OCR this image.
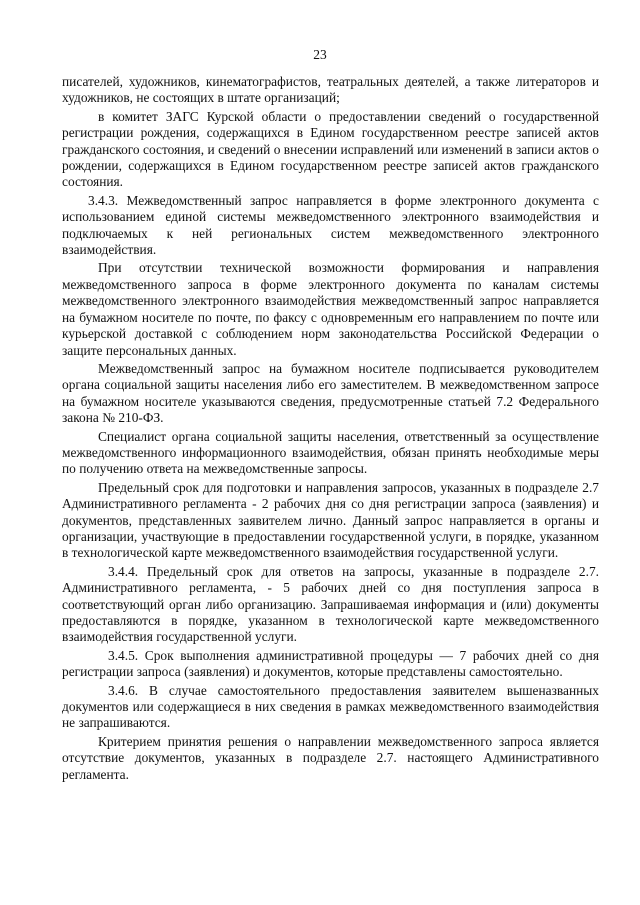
23

писателей, художников, кинематографистов, театральных деятелей, а также литераторов и художников, не состоящих в штате организаций;

в комитет ЗАГС Курской области о предоставлении сведений о государственной регистрации рождения, содержащихся в Едином государственном реестре записей актов гражданского состояния, и сведений о внесении исправлений или изменений в записи актов о рождении, содержащихся в Едином государственном реестре записей актов гражданского состояния.

3.4.3. Межведомственный запрос направляется в форме электронного документа с использованием единой системы межведомственного электронного взаимодействия и подключаемых к ней региональных систем межведомственного электронного взаимодействия.

При отсутствии технической возможности формирования и направления межведомственного запроса в форме электронного документа по каналам системы межведомственного электронного взаимодействия межведомственный запрос направляется на бумажном носителе по почте, по факсу с одновременным его направлением по почте или курьерской доставкой с соблюдением норм законодательства Российской Федерации о защите персональных данных.

Межведомственный запрос на бумажном носителе подписывается руководителем органа социальной защиты населения либо его заместителем. В межведомственном запросе на бумажном носителе указываются сведения, предусмотренные статьей 7.2 Федерального закона № 210-ФЗ.

Специалист органа социальной защиты населения, ответственный за осуществление межведомственного информационного взаимодействия, обязан принять необходимые меры по получению ответа на межведомственные запросы.

Предельный срок для подготовки и направления запросов, указанных в подразделе 2.7 Административного регламента - 2 рабочих дня со дня регистрации запроса (заявления) и документов, представленных заявителем лично. Данный запрос направляется в органы и организации, участвующие в предоставлении государственной услуги, в порядке, указанном в технологической карте межведомственного взаимодействия государственной услуги.

3.4.4. Предельный срок для ответов на запросы, указанные в подразделе 2.7. Административного регламента, - 5 рабочих дней со дня поступления запроса в соответствующий орган либо организацию. Запрашиваемая информация и (или) документы предоставляются в порядке, указанном в технологической карте межведомственного взаимодействия государственной услуги.

3.4.5. Срок выполнения административной процедуры — 7 рабочих дней со дня регистрации запроса (заявления) и документов, которые представлены самостоятельно.

3.4.6. В случае самостоятельного предоставления заявителем вышеназванных документов или содержащиеся в них сведения в рамках межведомственного взаимодействия не запрашиваются.

Критерием принятия решения о направлении межведомственного запроса является отсутствие документов, указанных в подразделе 2.7. настоящего Административного регламента.
